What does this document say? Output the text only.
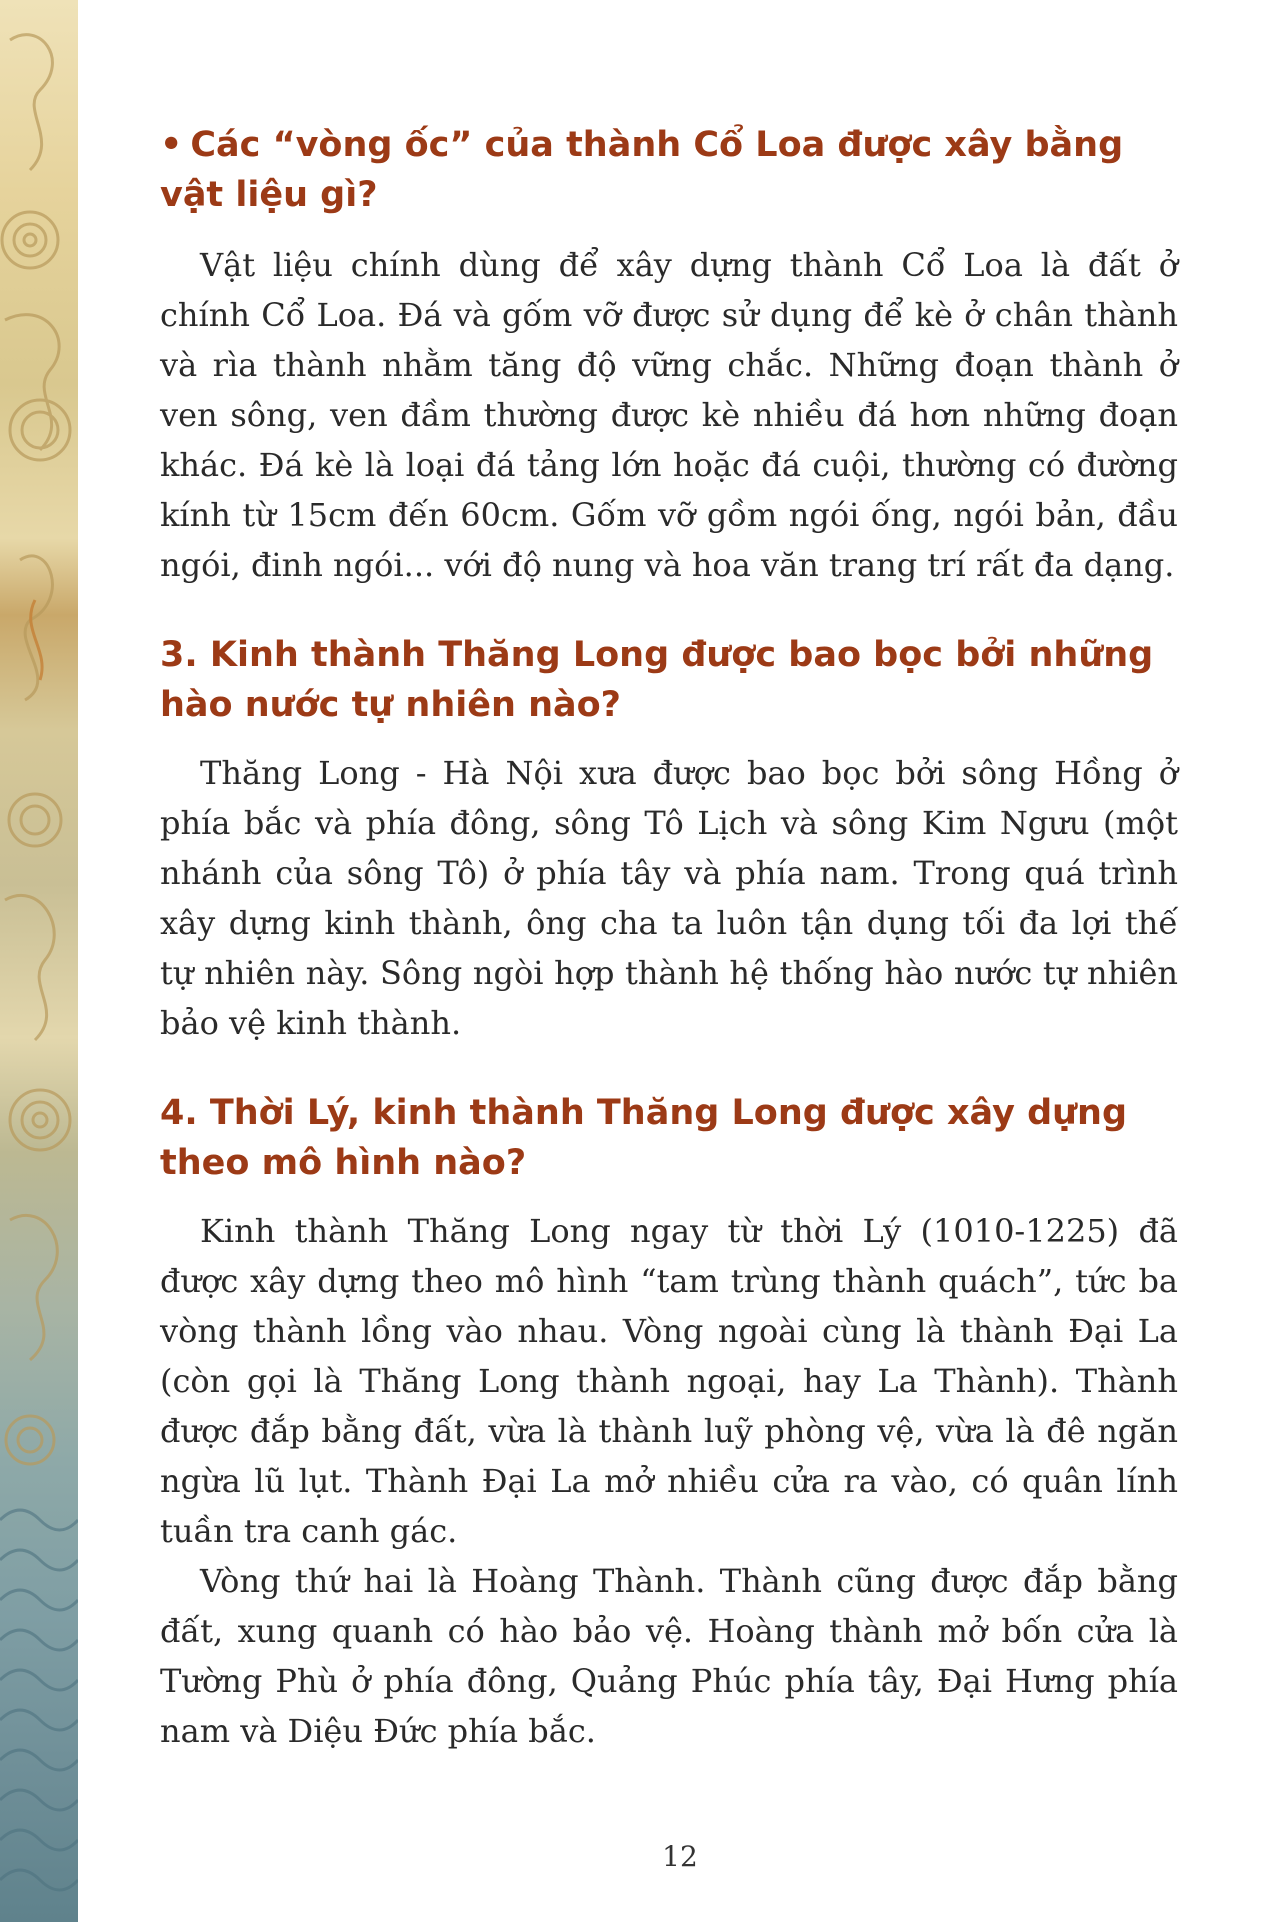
• Các “vòng ốc” của thành Cổ Loa được xây bằng vật liệu gì?

Vật liệu chính dùng để xây dựng thành Cổ Loa là đất ở chính Cổ Loa. Đá và gốm vỡ được sử dụng để kè ở chân thành và rìa thành nhằm tăng độ vững chắc. Những đoạn thành ở ven sông, ven đầm thường được kè nhiều đá hơn những đoạn khác. Đá kè là loại đá tảng lớn hoặc đá cuội, thường có đường kính từ 15cm đến 60cm. Gốm vỡ gồm ngói ống, ngói bản, đầu ngói, đinh ngói... với độ nung và hoa văn trang trí rất đa dạng.

3. Kinh thành Thăng Long được bao bọc bởi những hào nước tự nhiên nào?

Thăng Long - Hà Nội xưa được bao bọc bởi sông Hồng ở phía bắc và phía đông, sông Tô Lịch và sông Kim Ngưu (một nhánh của sông Tô) ở phía tây và phía nam. Trong quá trình xây dựng kinh thành, ông cha ta luôn tận dụng tối đa lợi thế tự nhiên này. Sông ngòi hợp thành hệ thống hào nước tự nhiên bảo vệ kinh thành.

4. Thời Lý, kinh thành Thăng Long được xây dựng theo mô hình nào?

Kinh thành Thăng Long ngay từ thời Lý (1010-1225) đã được xây dựng theo mô hình “tam trùng thành quách”, tức ba vòng thành lồng vào nhau. Vòng ngoài cùng là thành Đại La (còn gọi là Thăng Long thành ngoại, hay La Thành). Thành được đắp bằng đất, vừa là thành luỹ phòng vệ, vừa là đê ngăn ngừa lũ lụt. Thành Đại La mở nhiều cửa ra vào, có quân lính tuần tra canh gác.

Vòng thứ hai là Hoàng Thành. Thành cũng được đắp bằng đất, xung quanh có hào bảo vệ. Hoàng thành mở bốn cửa là Tường Phù ở phía đông, Quảng Phúc phía tây, Đại Hưng phía nam và Diệu Đức phía bắc.

12
